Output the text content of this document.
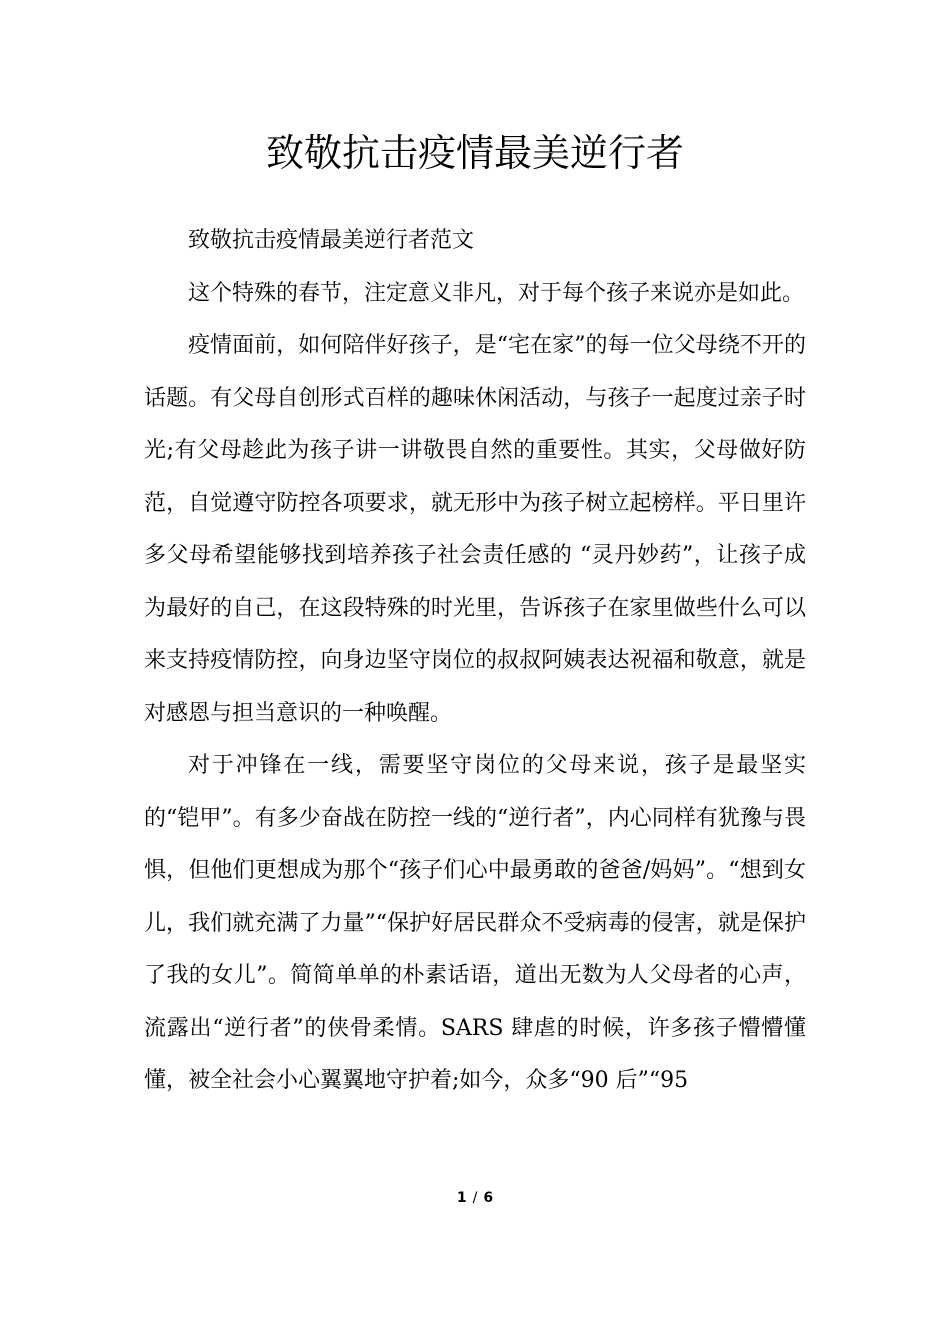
致敬抗击疫情最美逆行者

致敬抗击疫情最美逆行者范文

这个特殊的春节，注定意义非凡，对于每个孩子来说亦是如此。

疫情面前，如何陪伴好孩子，是“宅在家”的每一位父母绕不开的话题。有父母自创形式百样的趣味休闲活动，与孩子一起度过亲子时光;有父母趁此为孩子讲一讲敬畏自然的重要性。其实，父母做好防范，自觉遵守防控各项要求，就无形中为孩子树立起榜样。平日里许多父母希望能够找到培养孩子社会责任感的 “灵丹妙药”，让孩子成为最好的自己，在这段特殊的时光里，告诉孩子在家里做些什么可以来支持疫情防控，向身边坚守岗位的叔叔阿姨表达祝福和敬意，就是对感恩与担当意识的一种唤醒。

对于冲锋在一线，需要坚守岗位的父母来说，孩子是最坚实的“铠甲”。有多少奋战在防控一线的“逆行者”，内心同样有犹豫与畏惧，但他们更想成为那个“孩子们心中最勇敢的爸爸/妈妈”。“想到女儿，我们就充满了力量”“保护好居民群众不受病毒的侵害，就是保护了我的女儿”。简简单单的朴素话语，道出无数为人父母者的心声，流露出“逆行者”的侠骨柔情。SARS 肆虐的时候，许多孩子懵懵懂懂，被全社会小心翼翼地守护着;如今，众多“90 后”“95

1 / 6
